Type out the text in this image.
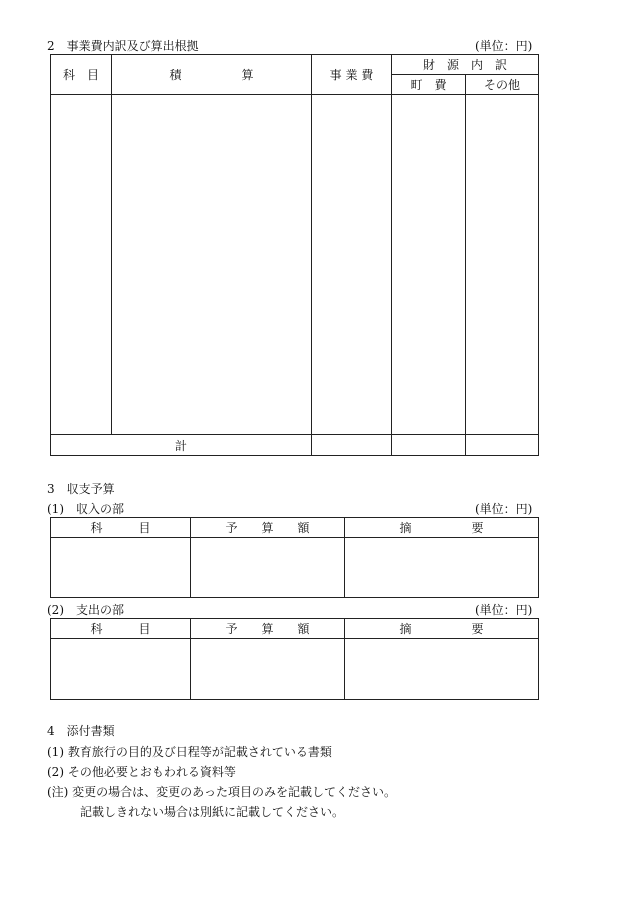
2　事業費内訳及び算出根拠	(単位：円)
科　目	積　　　　　算	事 業 費	財　源　内　訳	
			町　費	その他

計				
3　収支予算
(1)　収入の部	(単位：円)
科　　　目	予　　算　　額	摘　　　　　要

(2)　支出の部	(単位：円)
科　　　目	予　　算　　額	摘　　　　　要

4　添付書類
(1) 教育旅行の目的及び日程等が記載されている書類
(2) その他必要とおもわれる資料等
(注) 変更の場合は、変更のあった項目のみを記載してください。
記載しきれない場合は別紙に記載してください。
